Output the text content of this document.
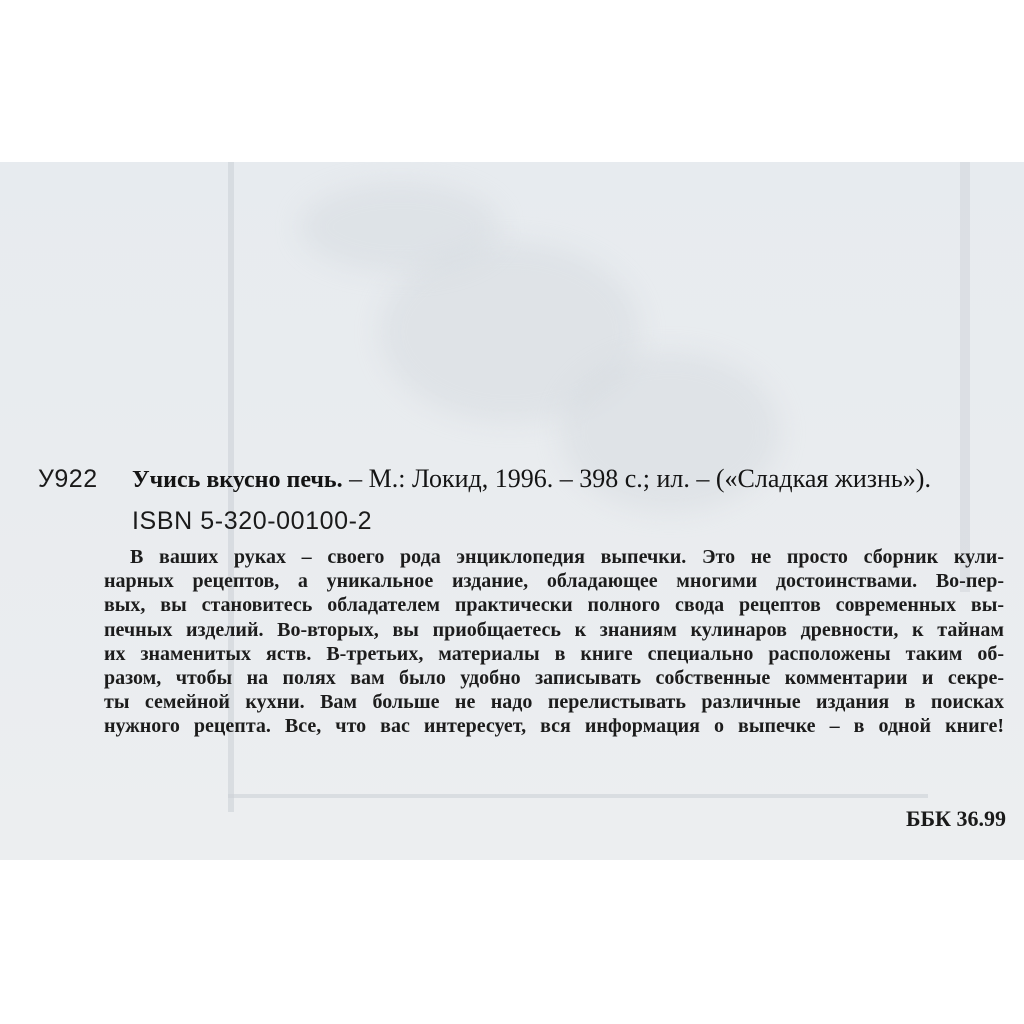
У922 Учись вкусно печь. – М.: Локид, 1996. – 398 с.; ил. – («Сладкая жизнь»).
ISBN 5-320-00100-2
В ваших руках – своего рода энциклопедия выпечки. Это не просто сборник кули-
нарных рецептов, а уникальное издание, обладающее многими достоинствами. Во-пер-
вых, вы становитесь обладателем практически полного свода рецептов современных вы-
печных изделий. Во-вторых, вы приобщаетесь к знаниям кулинаров древности, к тайнам
их знаменитых яств. В-третьих, материалы в книге специально расположены таким об-
разом, чтобы на полях вам было удобно записывать собственные комментарии и секре-
ты семейной кухни. Вам больше не надо перелистывать различные издания в поисках
нужного рецепта. Все, что вас интересует, вся информация о выпечке – в одной книге!
ББК 36.99
